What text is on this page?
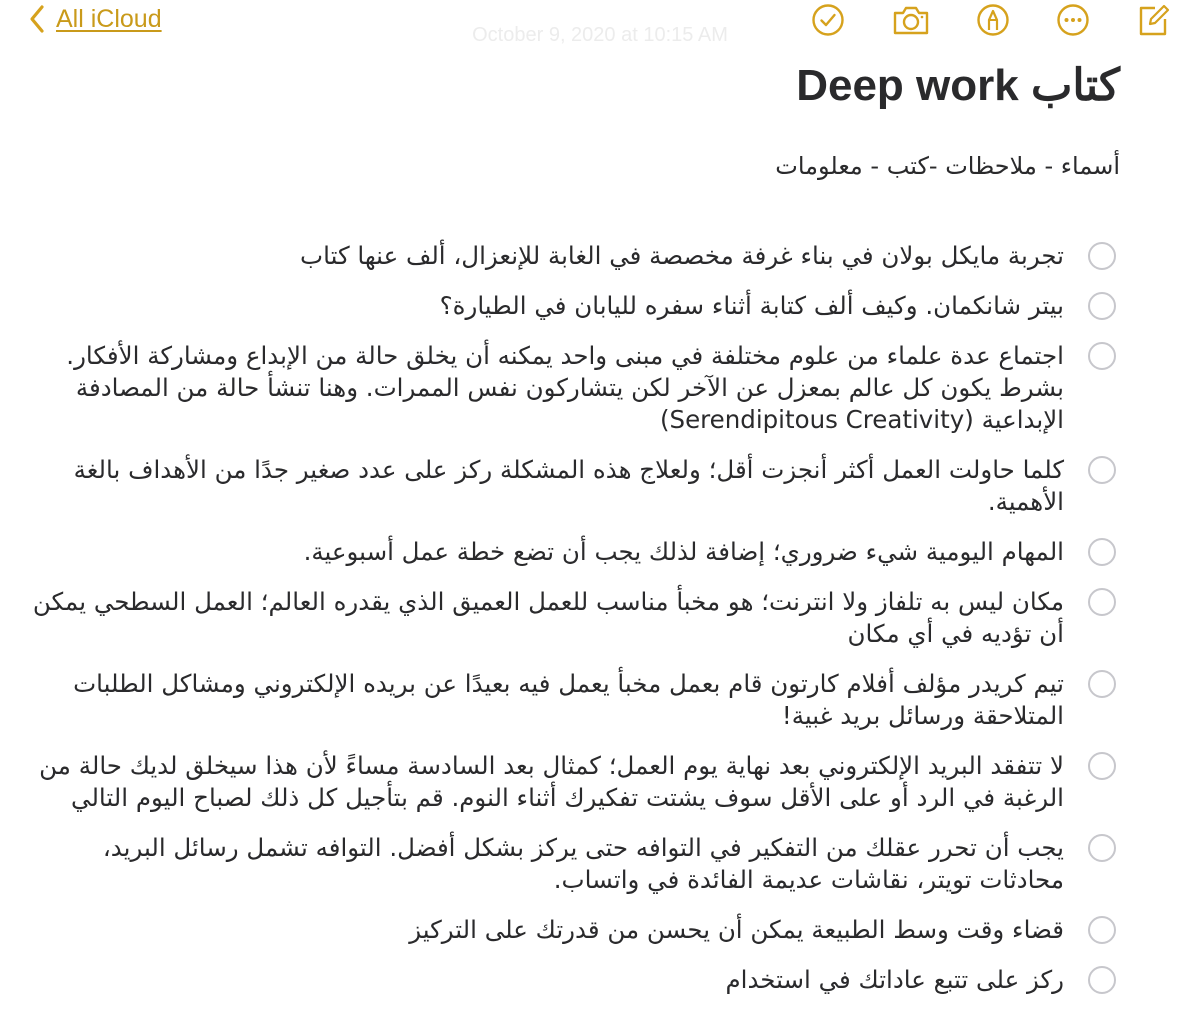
All iCloud
October 9, 2020 at 10:15 AM
كتاب Deep work
أسماء - ملاحظات -كتب - معلومات
تجربة مايكل بولان في بناء غرفة مخصصة في الغابة للإنعزال، ألف عنها كتاب
بيتر شانكمان. وكيف ألف كتابة أثناء سفره لليابان في الطيارة؟
اجتماع عدة علماء من علوم مختلفة في مبنى واحد يمكنه أن يخلق حالة من الإبداع ومشاركة الأفكار. بشرط يكون كل عالم بمعزل عن الآخر لكن يتشاركون نفس الممرات. وهنا تنشأ حالة من المصادفة الإبداعية (Serendipitous Creativity)
كلما حاولت العمل أكثر أنجزت أقل؛ ولعلاج هذه المشكلة ركز على عدد صغير جدًا من الأهداف بالغة الأهمية.
المهام اليومية شيء ضروري؛ إضافة لذلك يجب أن تضع خطة عمل أسبوعية.
مكان ليس به تلفاز ولا انترنت؛ هو مخبأ مناسب للعمل العميق الذي يقدره العالم؛ العمل السطحي يمكن أن تؤديه في أي مكان
تيم كريدر مؤلف أفلام كارتون قام بعمل مخبأ يعمل فيه بعيدًا عن بريده الإلكتروني ومشاكل الطلبات المتلاحقة ورسائل بريد غبية!
لا تتفقد البريد الإلكتروني بعد نهاية يوم العمل؛ كمثال بعد السادسة مساءً لأن هذا سيخلق لديك حالة من الرغبة في الرد أو على الأقل سوف يشتت تفكيرك أثناء النوم. قم بتأجيل كل ذلك لصباح اليوم التالي
يجب أن تحرر عقلك من التفكير في التوافه حتى يركز بشكل أفضل. التوافه تشمل رسائل البريد، محادثات تويتر، نقاشات عديمة الفائدة في واتساب.
قضاء وقت وسط الطبيعة يمكن أن يحسن من قدرتك على التركيز
ركز على تتبع عاداتك في استخدام
